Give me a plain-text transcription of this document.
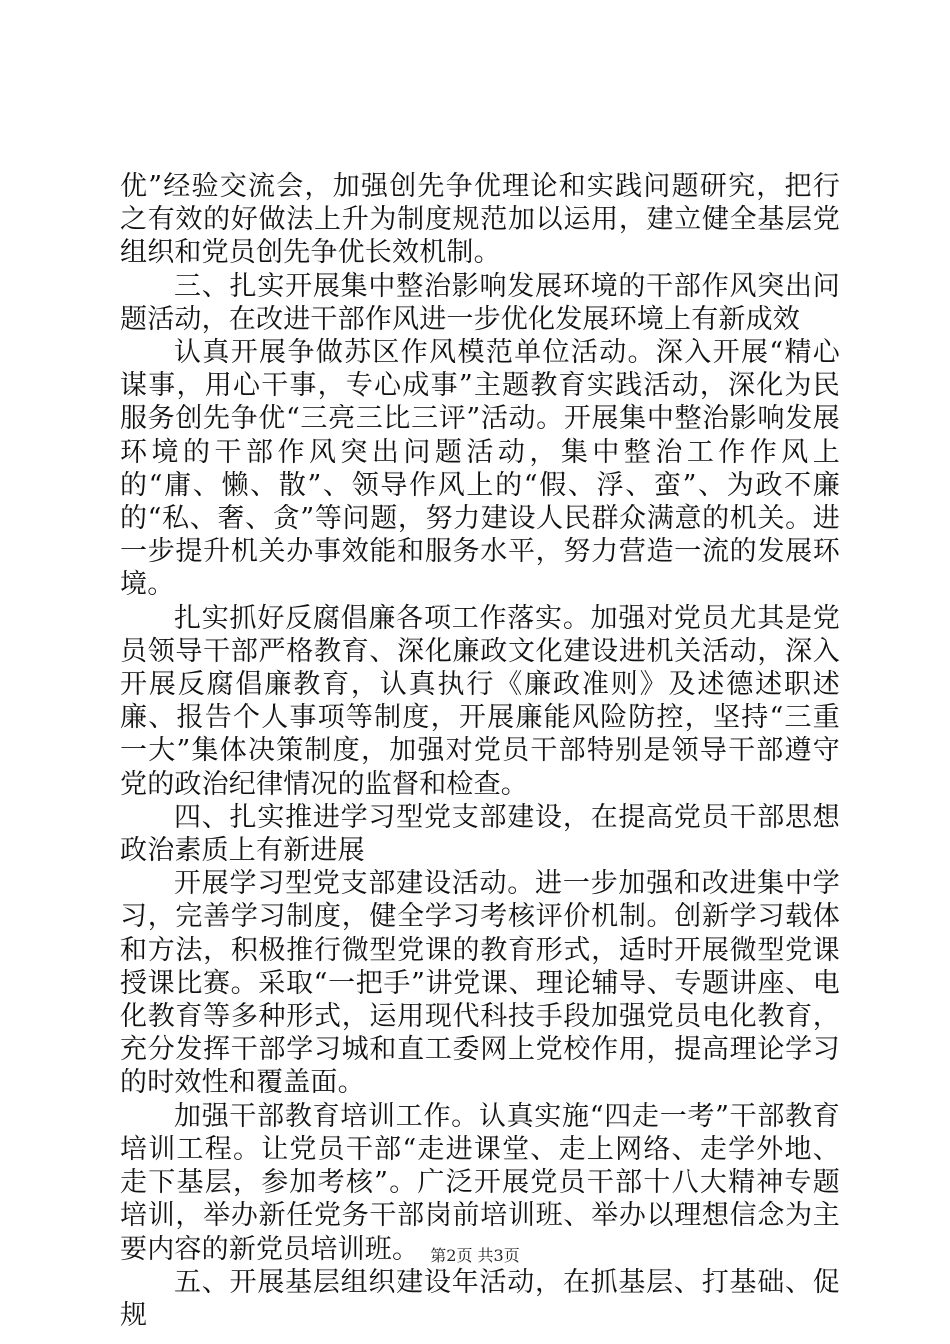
优”经验交流会，加强创先争优理论和实践问题研究，把行之有效的好做法上升为制度规范加以运用，建立健全基层党组织和党员创先争优长效机制。

三、扎实开展集中整治影响发展环境的干部作风突出问题活动，在改进干部作风进一步优化发展环境上有新成效

认真开展争做苏区作风模范单位活动。深入开展“精心谋事，用心干事，专心成事”主题教育实践活动，深化为民服务创先争优“三亮三比三评”活动。开展集中整治影响发展环境的干部作风突出问题活动，集中整治工作作风上的“庸、懒、散”、领导作风上的“假、浮、蛮”、为政不廉的“私、奢、贪”等问题，努力建设人民群众满意的机关。进一步提升机关办事效能和服务水平，努力营造一流的发展环境。

扎实抓好反腐倡廉各项工作落实。加强对党员尤其是党员领导干部严格教育、深化廉政文化建设进机关活动，深入开展反腐倡廉教育，认真执行《廉政准则》及述德述职述廉、报告个人事项等制度，开展廉能风险防控，坚持“三重一大”集体决策制度，加强对党员干部特别是领导干部遵守党的政治纪律情况的监督和检查。

四、扎实推进学习型党支部建设，在提高党员干部思想政治素质上有新进展

开展学习型党支部建设活动。进一步加强和改进集中学习，完善学习制度，健全学习考核评价机制。创新学习载体和方法，积极推行微型党课的教育形式，适时开展微型党课授课比赛。采取“一把手”讲党课、理论辅导、专题讲座、电化教育等多种形式，运用现代科技手段加强党员电化教育，充分发挥干部学习城和直工委网上党校作用，提高理论学习的时效性和覆盖面。

加强干部教育培训工作。认真实施“四走一考”干部教育培训工程。让党员干部“走进课堂、走上网络、走学外地、走下基层，参加考核”。广泛开展党员干部十八大精神专题培训，举办新任党务干部岗前培训班、举办以理想信念为主要内容的新党员培训班。

五、开展基层组织建设年活动，在抓基层、打基础、促规

第2页 共3页
